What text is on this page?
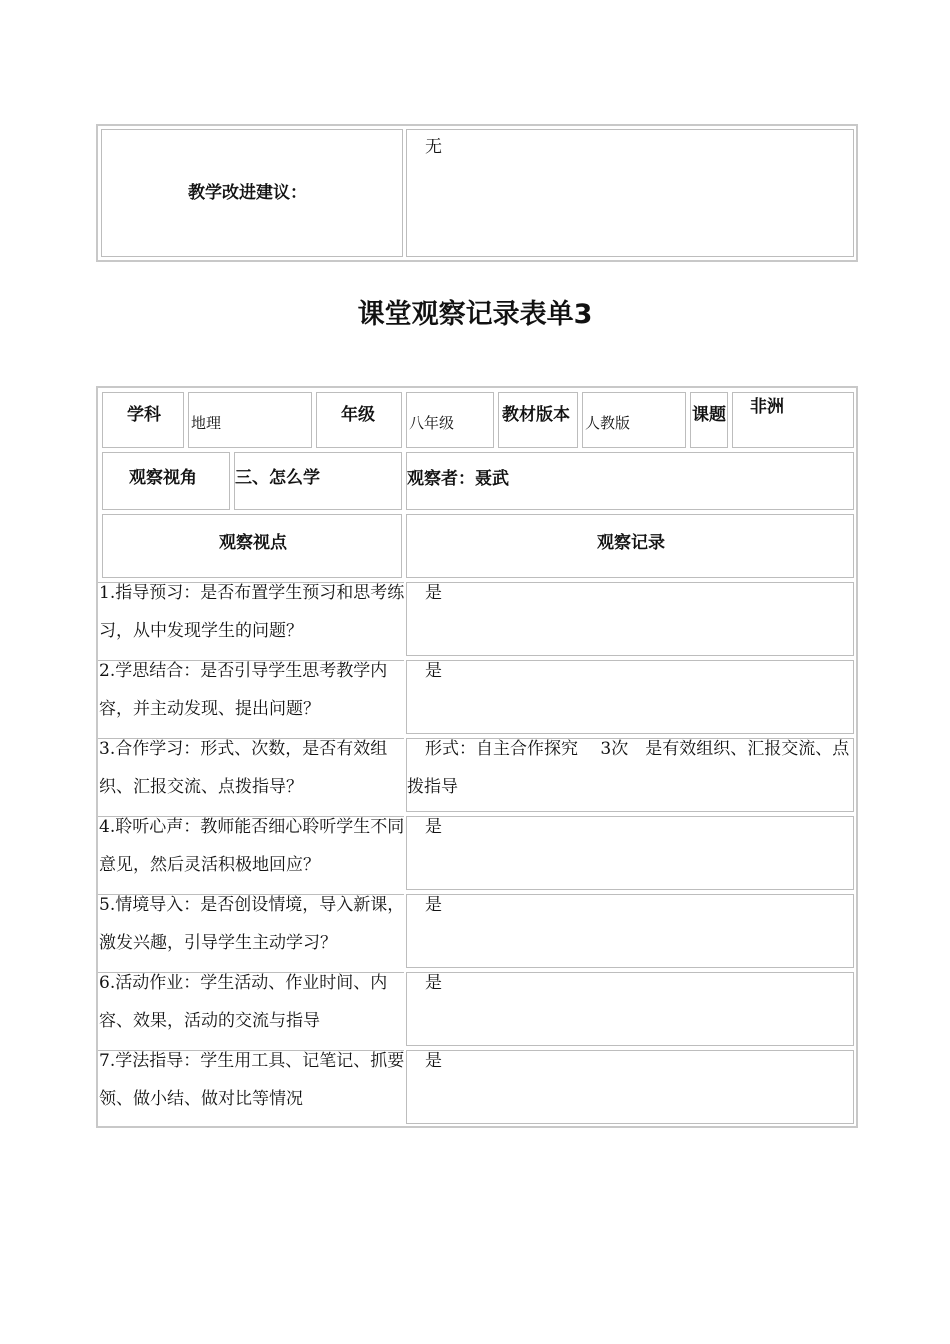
教学改进建议：
无
课堂观察记录表单3
学科 地理	年级 八年级	教材版本 人教版	课题 非洲
观察视角 三、怎么学	观察者：聂武
观察视点	观察记录
1.指导预习：是否布置学生预习和思考练习，从中发现学生的问题？
是
2.学思结合：是否引导学生思考教学内容，并主动发现、提出问题？
是
3.合作学习：形式、次数，是否有效组织、汇报交流、点拨指导？
形式：自主合作探究　 3次　是有效组织、汇报交流、点拨指导
4.聆听心声：教师能否细心聆听学生不同意见，然后灵活积极地回应？
是
5.情境导入：是否创设情境，导入新课，激发兴趣，引导学生主动学习？
是
6.活动作业：学生活动、作业时间、内容、效果，活动的交流与指导
是
7.学法指导：学生用工具、记笔记、抓要领、做小结、做对比等情况
是
